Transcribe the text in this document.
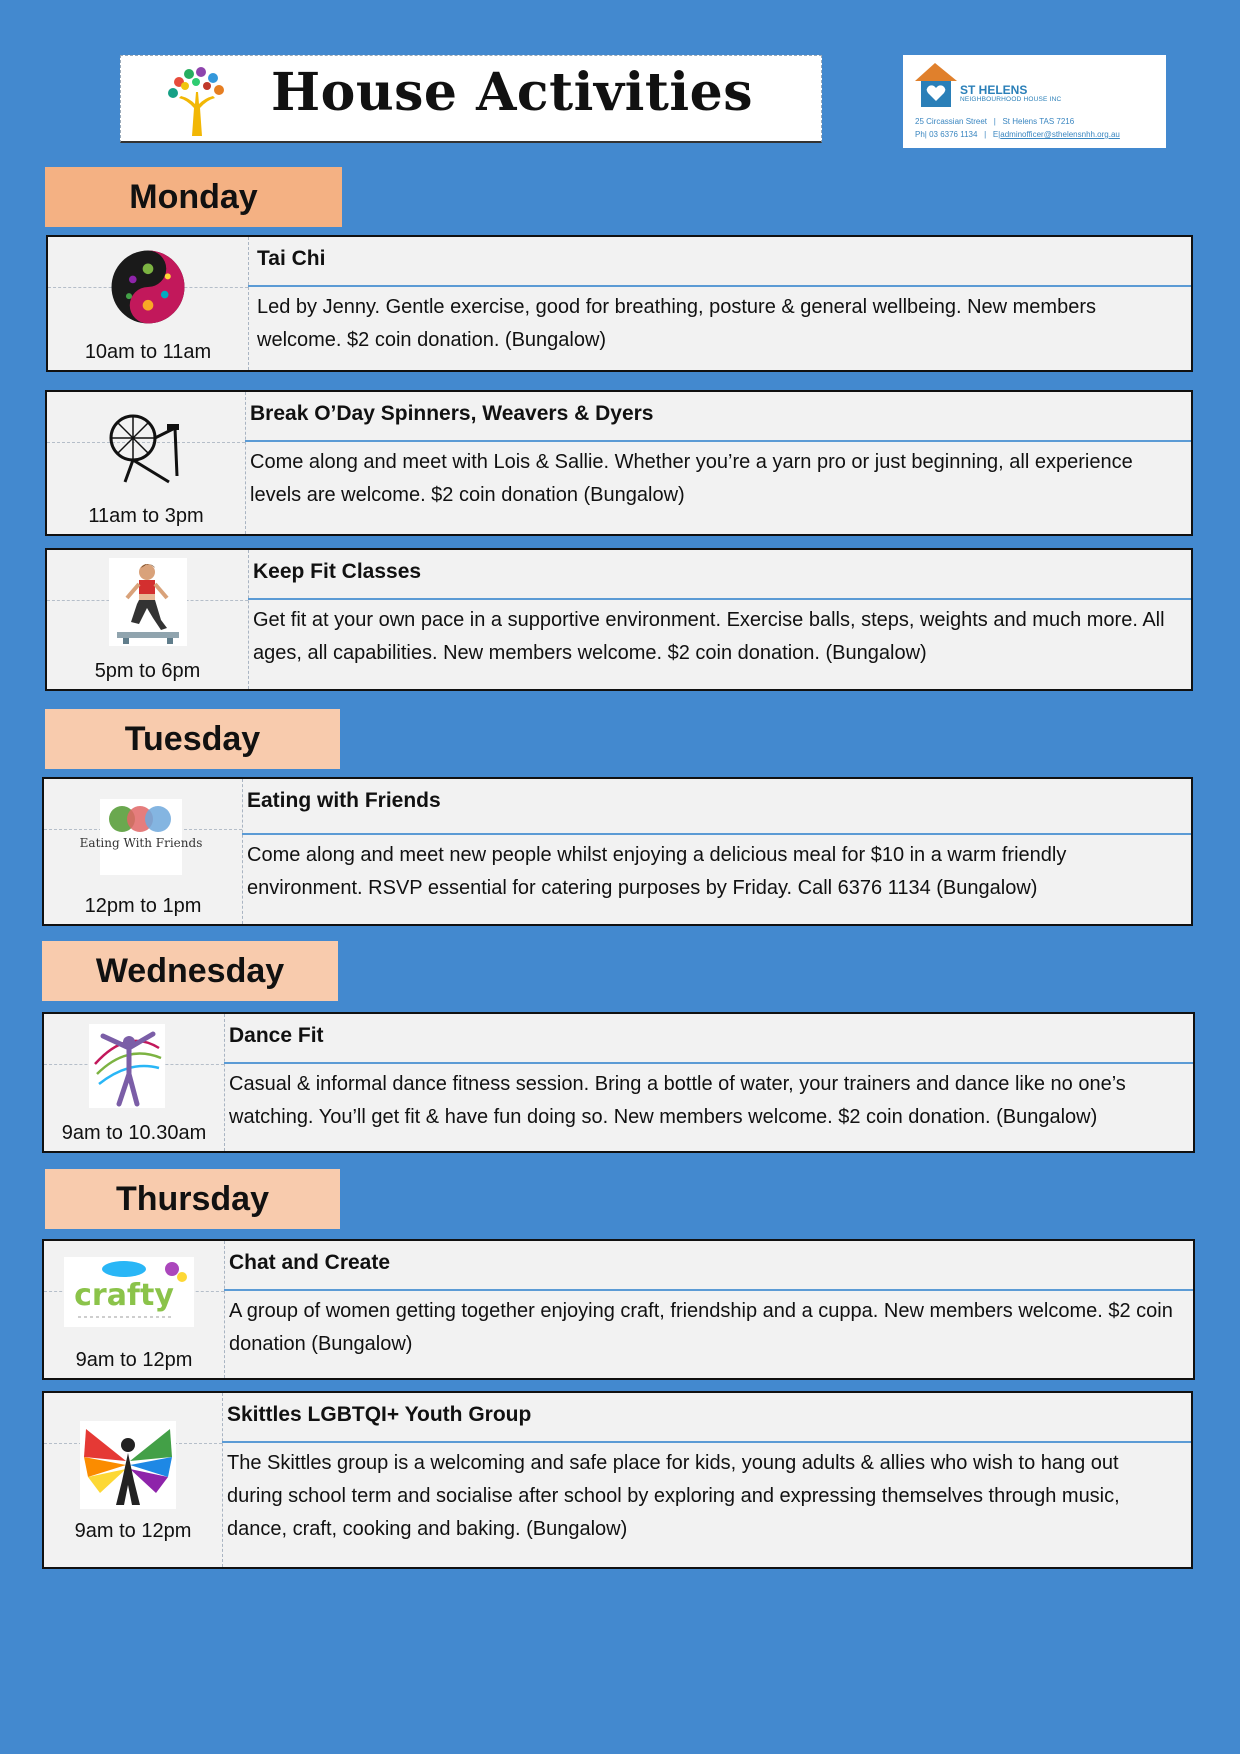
House Activities	ST HELENS
NEIGHBOURHOOD HOUSE INC
25 Circassian Street   |   St Helens TAS 7216
Ph| 03 6376 1134   |   E|adminofficer@sthelensnhh.org.au
Monday
10am to 11am
Tai Chi
Led by Jenny. Gentle exercise, good for breathing, posture & general wellbeing. New members welcome. $2 coin donation. (Bungalow)
11am to 3pm
Break O’Day Spinners, Weavers & Dyers
Come along and meet with Lois & Sallie. Whether you’re a yarn pro or just beginning, all experience levels are welcome. $2 coin donation (Bungalow)
5pm to 6pm
Keep Fit Classes
Get fit at your own pace in a supportive environment. Exercise balls, steps, weights and much more. All ages, all capabilities. New members welcome. $2 coin donation. (Bungalow)
Tuesday
Eating With Friends
12pm to 1pm
Eating with Friends
Come along and meet new people whilst enjoying a delicious meal for $10 in a warm friendly environment. RSVP essential for catering purposes by Friday. Call 6376 1134 (Bungalow)
Wednesday
9am to 10.30am
Dance Fit
Casual & informal dance fitness session. Bring a bottle of water, your trainers and dance like no one’s watching. You’ll get fit & have fun doing so. New members welcome. $2 coin donation. (Bungalow)
Thursday
crafty
9am to 12pm
Chat and Create
A group of women getting together enjoying craft, friendship and a cuppa. New members welcome. $2 coin donation (Bungalow)
9am to 12pm
Skittles LGBTQI+ Youth Group
The Skittles group is a welcoming and safe place for kids, young adults & allies who wish to hang out during school term and socialise after school by exploring and expressing themselves through music, dance, craft, cooking and baking. (Bungalow)
